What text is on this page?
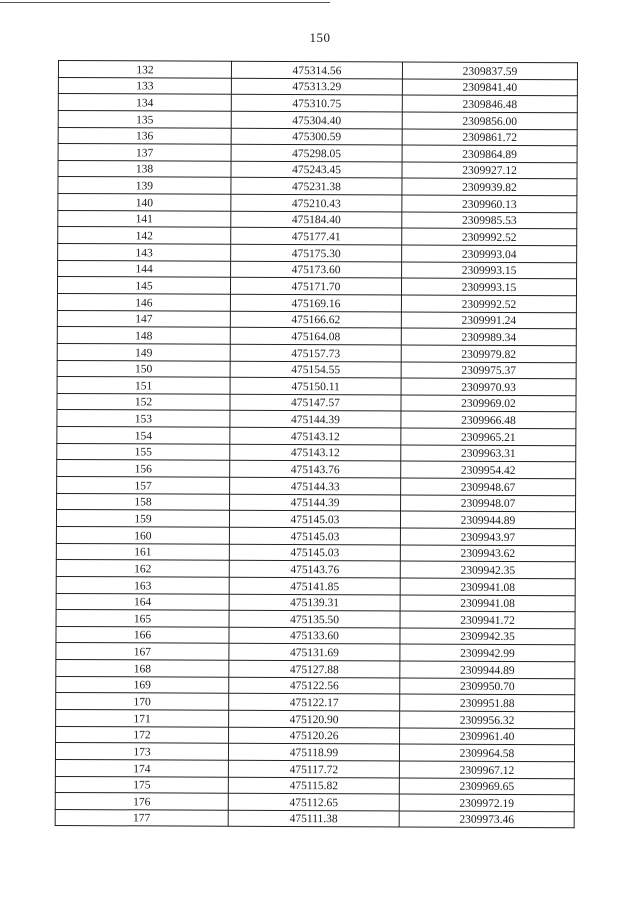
150
132	475314.56	2309837.59
133	475313.29	2309841.40
134	475310.75	2309846.48
135	475304.40	2309856.00
136	475300.59	2309861.72
137	475298.05	2309864.89
138	475243.45	2309927.12
139	475231.38	2309939.82
140	475210.43	2309960.13
141	475184.40	2309985.53
142	475177.41	2309992.52
143	475175.30	2309993.04
144	475173.60	2309993.15
145	475171.70	2309993.15
146	475169.16	2309992.52
147	475166.62	2309991.24
148	475164.08	2309989.34
149	475157.73	2309979.82
150	475154.55	2309975.37
151	475150.11	2309970.93
152	475147.57	2309969.02
153	475144.39	2309966.48
154	475143.12	2309965.21
155	475143.12	2309963.31
156	475143.76	2309954.42
157	475144.33	2309948.67
158	475144.39	2309948.07
159	475145.03	2309944.89
160	475145.03	2309943.97
161	475145.03	2309943.62
162	475143.76	2309942.35
163	475141.85	2309941.08
164	475139.31	2309941.08
165	475135.50	2309941.72
166	475133.60	2309942.35
167	475131.69	2309942.99
168	475127.88	2309944.89
169	475122.56	2309950.70
170	475122.17	2309951.88
171	475120.90	2309956.32
172	475120.26	2309961.40
173	475118.99	2309964.58
174	475117.72	2309967.12
175	475115.82	2309969.65
176	475112.65	2309972.19
177	475111.38	2309973.46
